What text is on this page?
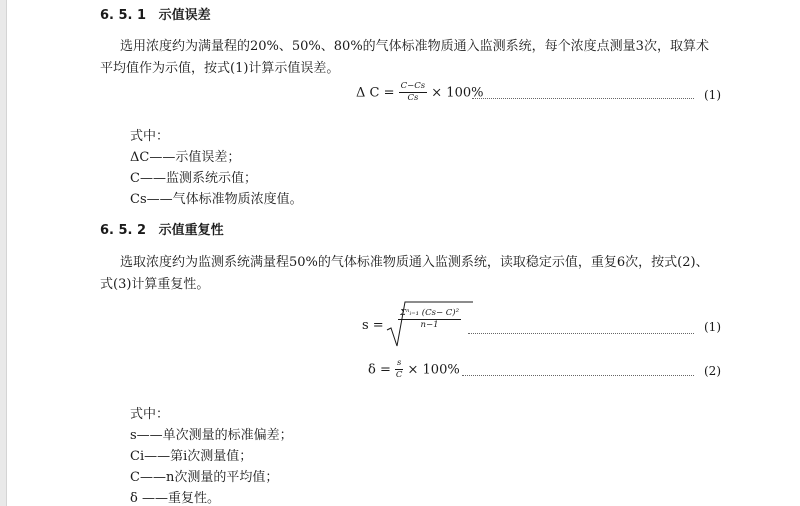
6. 5. 1 示值误差
选用浓度约为满量程的20%、50%、80%的气体标准物质通入监测系统，每个浓度点测量3次，取算术
平均值作为示值，按式(1)计算示值误差。
Δ $C = \frac{C-Cs}{Cs} \times 100\%$	(1)
式中：
ΔC——示值误差；
C——监测系统示值；
Cs——气体标准物质浓度值。
6. 5. 2 示值重复性
选取浓度约为监测系统满量程50%的气体标准物质通入监测系统，读取稳定示值，重复6次，按式(2)、
式(3)计算重复性。
$s = \frac{\text{Σⁿᵢ₌₁ (Cs− C)²}}{n-1}$	(1)
$\delta = \frac{s}{C} \times 100\%$	(2)
式中：
s——单次测量的标准偏差；
Ci——第i次测量值；
C——n次测量的平均值；
δ ——重复性。
